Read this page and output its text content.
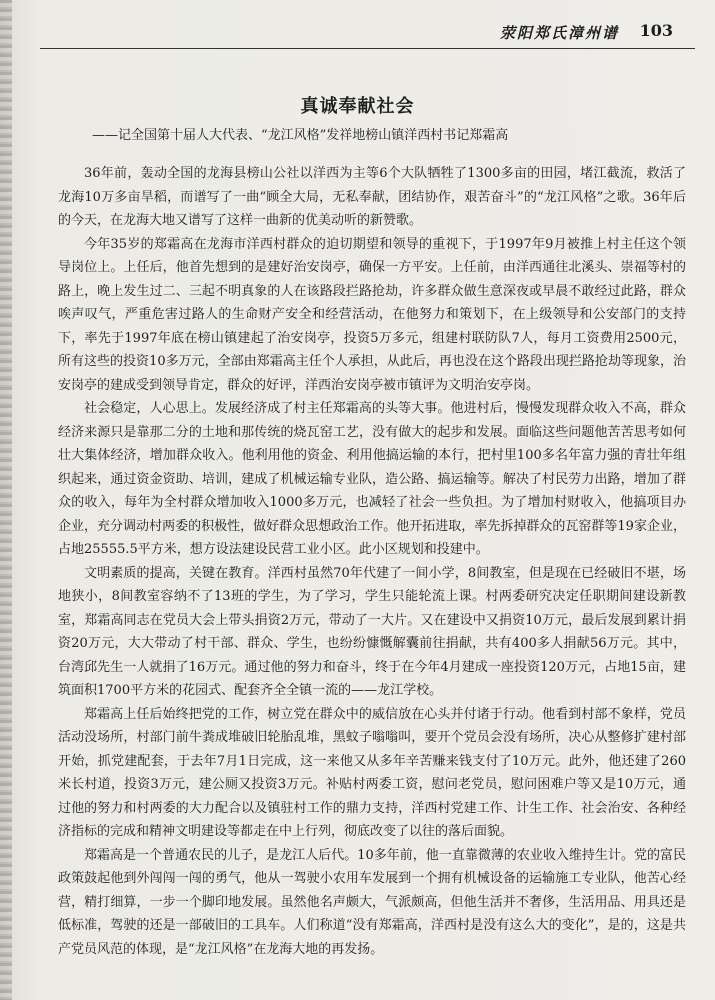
荥阳郑氏漳州谱 103
真诚奉献社会
——记全国第十届人大代表、“龙江风格”发祥地榜山镇洋西村书记郑霜高

36年前，轰动全国的龙海县榜山公社以洋西为主等6个大队牺牲了1300多亩的田园，堵江截流，救活了龙海10万多亩旱稻，而谱写了一曲“顾全大局，无私奉献，团结协作，艰苦奋斗”的“龙江风格”之歌。36年后的今天，在龙海大地又谱写了这样一曲新的优美动听的新赞歌。

今年35岁的郑霜高在龙海市洋西村群众的迫切期望和领导的重视下，于1997年9月被推上村主任这个领导岗位上。上任后，他首先想到的是建好治安岗亭，确保一方平安。上任前，由洋西通往北溪头、崇福等村的路上，晚上发生过二、三起不明真象的人在该路段拦路抢劫，许多群众做生意深夜或早晨不敢经过此路，群众唉声叹气，严重危害过路人的生命财产安全和经营活动，在他努力和策划下，在上级领导和公安部门的支持下，率先于1997年底在榜山镇建起了治安岗亭，投资5万多元，组建村联防队7人，每月工资费用2500元，所有这些的投资10多万元，全部由郑霜高主任个人承担，从此后，再也没在这个路段出现拦路抢劫等现象，治安岗亭的建成受到领导肯定，群众的好评，洋西治安岗亭被市镇评为文明治安亭岗。

社会稳定，人心思上。发展经济成了村主任郑霜高的头等大事。他进村后，慢慢发现群众收入不高，群众经济来源只是靠那二分的土地和那传统的烧瓦窑工艺，没有做大的起步和发展。面临这些问题他苦苦思考如何壮大集体经济，增加群众收入。他利用他的资金、利用他搞运输的本行，把村里100多名年富力强的青壮年组织起来，通过资金资助、培训，建成了机械运输专业队，造公路、搞运输等。解决了村民劳力出路，增加了群众的收入，每年为全村群众增加收入1000多万元，也减轻了社会一些负担。为了增加村财收入，他搞项目办企业，充分调动村两委的积极性，做好群众思想政治工作。他开拓进取，率先拆掉群众的瓦窑群等19家企业，占地25555.5平方米，想方设法建设民营工业小区。此小区规划和投建中。

文明素质的提高，关键在教育。洋西村虽然70年代建了一间小学，8间教室，但是现在已经破旧不堪，场地狭小，8间教室容纳不了13班的学生，为了学习，学生只能轮流上课。村两委研究决定任职期间建设新教室，郑霜高同志在党员大会上带头捐资2万元，带动了一大片。又在建设中又捐资10万元，最后发展到累计捐资20万元，大大带动了村干部、群众、学生，也纷纷慷慨解囊前往捐献，共有400多人捐献56万元。其中，台湾邱先生一人就捐了16万元。通过他的努力和奋斗，终于在今年4月建成一座投资120万元，占地15亩，建筑面积1700平方米的花园式、配套齐全全镇一流的——龙江学校。

郑霜高上任后始终把党的工作，树立党在群众中的威信放在心头并付诸于行动。他看到村部不象样，党员活动没场所，村部门前牛粪成堆破旧轮胎乱堆，黑蚊子嗡嗡叫，要开个党员会没有场所，决心从整修扩建村部开始，抓党建配套，于去年7月1日完成，这一来他又从多年辛苦赚来钱支付了10万元。此外，他还建了260米长村道，投资3万元，建公厕又投资3万元。补贴村两委工资，慰问老党员，慰问困难户等又是10万元，通过他的努力和村两委的大力配合以及镇驻村工作的鼎力支持，洋西村党建工作、计生工作、社会治安、各种经济指标的完成和精神文明建设等都走在中上行列，彻底改变了以往的落后面貌。

郑霜高是一个普通农民的儿子，是龙江人后代。10多年前，他一直靠微薄的农业收入维持生计。党的富民政策鼓起他到外闯闯一闯的勇气，他从一驾驶小农用车发展到一个拥有机械设备的运输施工专业队，他苦心经营，精打细算，一步一个脚印地发展。虽然他名声颇大，气派颇高，但他生活并不奢侈，生活用品、用具还是低标准，驾驶的还是一部破旧的工具车。人们称道“没有郑霜高，洋西村是没有这么大的变化”，是的，这是共产党员风范的体现，是“龙江风格”在龙海大地的再发扬。
